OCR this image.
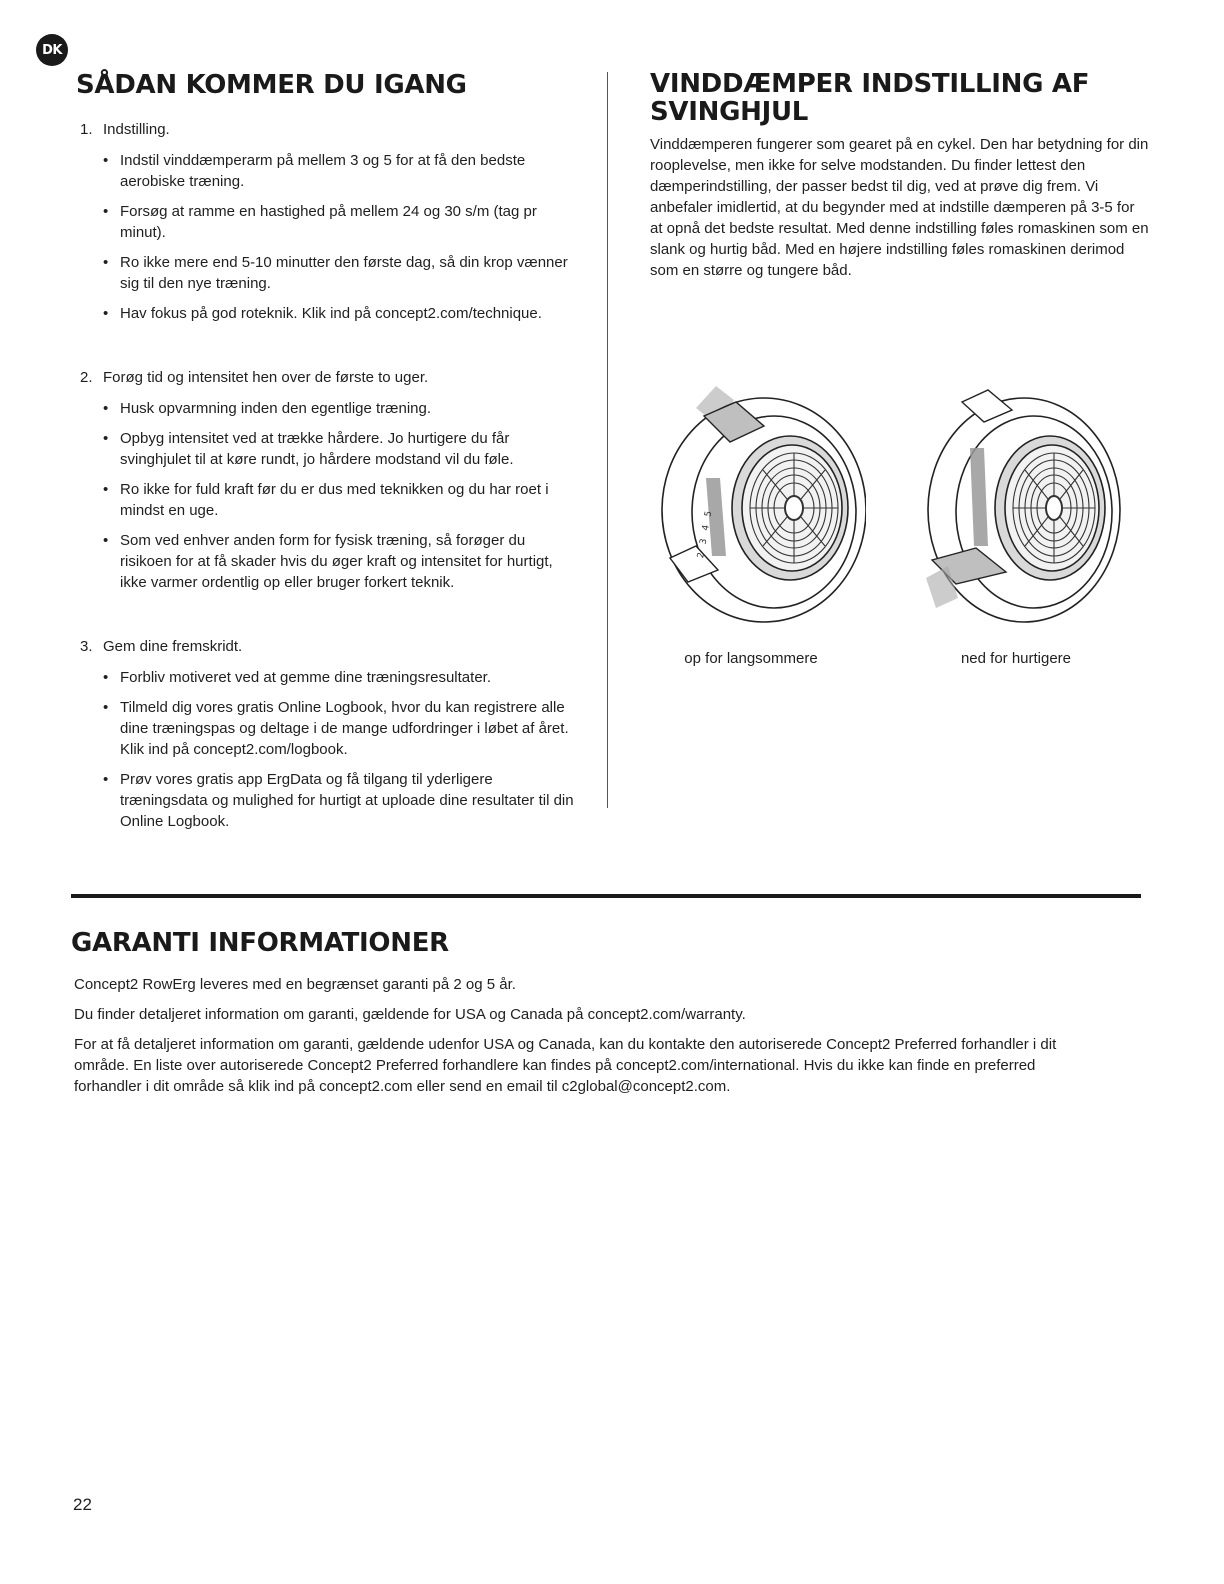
DK
SÅDAN KOMMER DU IGANG
1. Indstilling.
• Indstil vinddæmperarm på mellem 3 og 5 for at få den bedste aerobiske træning.
• Forsøg at ramme en hastighed på mellem 24 og 30 s/m (tag pr minut).
• Ro ikke mere end 5-10 minutter den første dag, så din krop vænner sig til den nye træning.
• Hav fokus på god roteknik. Klik ind på concept2.com/technique.
2. Forøg tid og intensitet hen over de første to uger.
• Husk opvarmning inden den egentlige træning.
• Opbyg intensitet ved at trække hårdere. Jo hurtigere du får svinghjulet til at køre rundt, jo hårdere modstand vil du føle.
• Ro ikke for fuld kraft før du er dus med teknikken og du har roet i mindst en uge.
• Som ved enhver anden form for fysisk træning, så forøger du risikoen for at få skader hvis du øger kraft og intensitet for hurtigt, ikke varmer ordentlig op eller bruger forkert teknik.
3. Gem dine fremskridt.
• Forbliv motiveret ved at gemme dine træningsresultater.
• Tilmeld dig vores gratis Online Logbook, hvor du kan registrere alle dine træningspas og deltage i de mange udfordringer i løbet af året. Klik ind på concept2.com/logbook.
• Prøv vores gratis app ErgData og få tilgang til yderligere træningsdata og mulighed for hurtigt at uploade dine resultater til din Online Logbook.
VINDDÆMPER INDSTILLING AF SVINGHJUL

Vinddæmperen fungerer som gearet på en cykel. Den har betydning for din rooplevelse, men ikke for selve modstanden. Du finder lettest den dæmperindstilling, der passer bedst til dig, ved at prøve dig frem. Vi anbefaler imidlertid, at du begynder med at indstille dæmperen på 3-5 for at opnå det bedste resultat. Med denne indstilling føles romaskinen som en slank og hurtig båd. Med en højere indstilling føles romaskinen derimod som en større og tungere båd.

2
3
4
5
op for langsommere	ned for hurtigere
GARANTI INFORMATIONER

Concept2 RowErg leveres med en begrænset garanti på 2 og 5 år.

Du finder detaljeret information om garanti, gældende for USA og Canada på concept2.com/warranty.

For at få detaljeret information om garanti, gældende udenfor USA og Canada, kan du kontakte den autoriserede Concept2 Preferred forhandler i dit område. En liste over autoriserede Concept2 Preferred forhandlere kan findes på concept2.com/international. Hvis du ikke kan finde en preferred forhandler i dit område så klik ind på concept2.com eller send en email til c2global@concept2.com.

22
